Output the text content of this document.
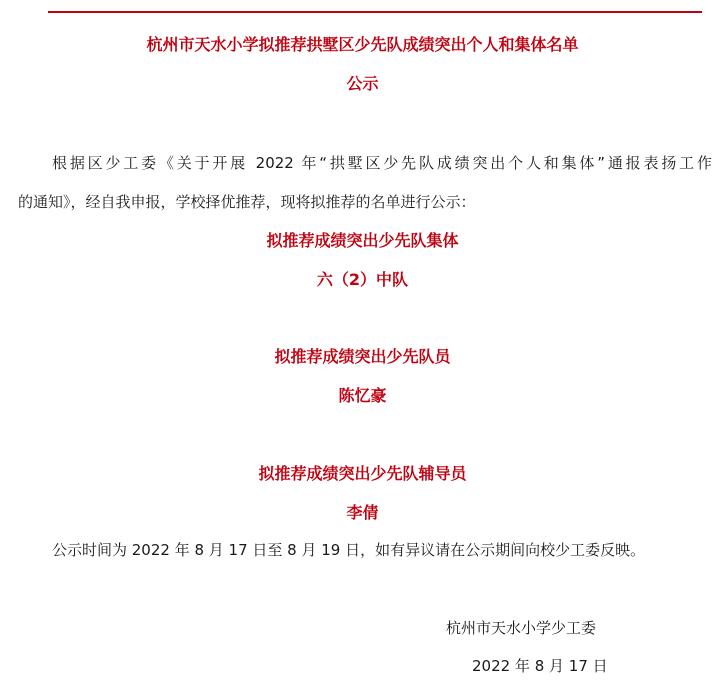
杭州市天水小学拟推荐拱墅区少先队成绩突出个人和集体名单
公示
根据区少工委《关于开展 2022 年“拱墅区少先队成绩突出个人和集体”通报表扬工作
的通知》，经自我申报，学校择优推荐，现将拟推荐的名单进行公示：
拟推荐成绩突出少先队集体
六（2）中队
拟推荐成绩突出少先队员
陈忆豪
拟推荐成绩突出少先队辅导员
李倩
公示时间为 2022 年 8 月 17 日至 8 月 19 日，如有异议请在公示期间向校少工委反映。
杭州市天水小学少工委
2022 年 8 月 17 日
